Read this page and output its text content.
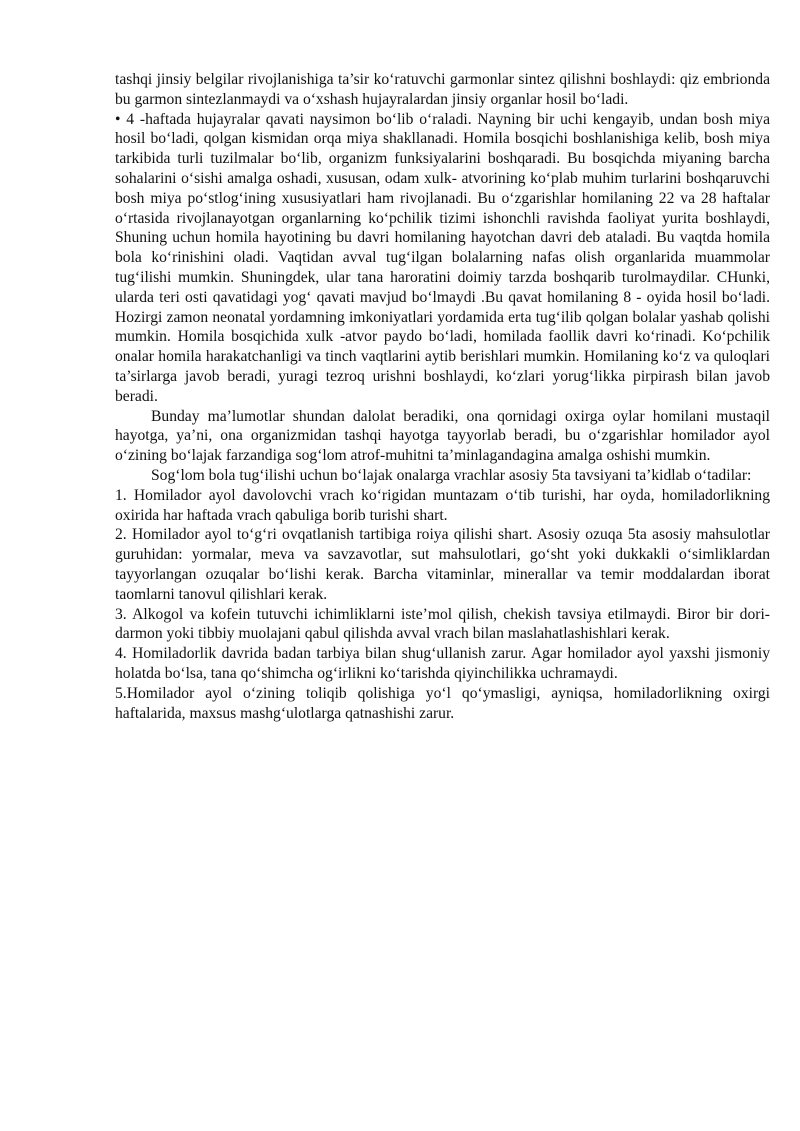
tashqi jinsiy belgilar rivojlanishiga ta’sir ko‘ratuvchi garmonlar sintez qilishni boshlaydi: qiz embrionda bu garmon sintezlanmaydi va o‘xshash hujayralardan jinsiy organlar hosil bo‘ladi.

• 4 -haftada hujayralar qavati naysimon bo‘lib o‘raladi. Nayning bir uchi kengayib, undan bosh miya hosil bo‘ladi, qolgan kismidan orqa miya shakllanadi. Homila bosqichi boshlanishiga kelib, bosh miya tarkibida turli tuzilmalar bo‘lib, organizm funksiyalarini boshqaradi. Bu bosqichda miyaning barcha sohalarini o‘sishi amalga oshadi, xususan, odam xulk- atvorining ko‘plab muhim turlarini boshqaruvchi bosh miya po‘stlog‘ining xususiyatlari ham rivojlanadi. Bu o‘zgarishlar homilaning 22 va 28 haftalar o‘rtasida rivojlanayotgan organlarning ko‘pchilik tizimi ishonchli ravishda faoliyat yurita boshlaydi, Shuning uchun homila hayotining bu davri homilaning hayotchan davri deb ataladi. Bu vaqtda homila bola ko‘rinishini oladi. Vaqtidan avval tug‘ilgan bolalarning nafas olish organlarida muammolar tug‘ilishi mumkin. Shuningdek, ular tana haroratini doimiy tarzda boshqarib turolmaydilar. CHunki, ularda teri osti qavatidagi yog‘ qavati mavjud bo‘lmaydi .Bu qavat homilaning 8 - oyida hosil bo‘ladi. Hozirgi zamon neonatal yordamning imkoniyatlari yordamida erta tug‘ilib qolgan bolalar yashab qolishi mumkin. Homila bosqichida xulk -atvor paydo bo‘ladi, homilada faollik davri ko‘rinadi. Ko‘pchilik onalar homila harakatchanligi va tinch vaqtlarini aytib berishlari mumkin. Homilaning ko‘z va quloqlari ta’sirlarga javob beradi, yuragi tezroq urishni boshlaydi, ko‘zlari yorug‘likka pirpirash bilan javob beradi.

Bunday ma’lumotlar shundan dalolat beradiki, ona qornidagi oxirga oylar homilani mustaqil hayotga, ya’ni, ona organizmidan tashqi hayotga tayyorlab beradi, bu o‘zgarishlar homilador ayol o‘zining bo‘lajak farzandiga sog‘lom atrof-muhitni ta’minlagandagina amalga oshishi mumkin.

Sog‘lom bola tug‘ilishi uchun bo‘lajak onalarga vrachlar asosiy 5ta tavsiyani ta’kidlab o‘tadilar:

1. Homilador ayol davolovchi vrach ko‘rigidan muntazam o‘tib turishi, har oyda, homiladorlikning oxirida har haftada vrach qabuliga borib turishi shart.

2. Homilador ayol to‘g‘ri ovqatlanish tartibiga roiya qilishi shart. Asosiy ozuqa 5ta asosiy mahsulotlar guruhidan: yormalar, meva va savzavotlar, sut mahsulotlari, go‘sht yoki dukkakli o‘simliklardan tayyorlangan ozuqalar bo‘lishi kerak. Barcha vitaminlar, minerallar va temir moddalardan iborat taomlarni tanovul qilishlari kerak.

3. Alkogol va kofein tutuvchi ichimliklarni iste’mol qilish, chekish tavsiya etilmaydi. Biror bir dori-darmon yoki tibbiy muolajani qabul qilishda avval vrach bilan maslahatlashishlari kerak.

4. Homiladorlik davrida badan tarbiya bilan shug‘ullanish zarur. Agar homilador ayol yaxshi jismoniy holatda bo‘lsa, tana qo‘shimcha og‘irlikni ko‘tarishda qiyinchilikka uchramaydi.

5.Homilador ayol o‘zining toliqib qolishiga yo‘l qo‘ymasligi, ayniqsa, homiladorlikning oxirgi haftalarida, maxsus mashg‘ulotlarga qatnashishi zarur.
